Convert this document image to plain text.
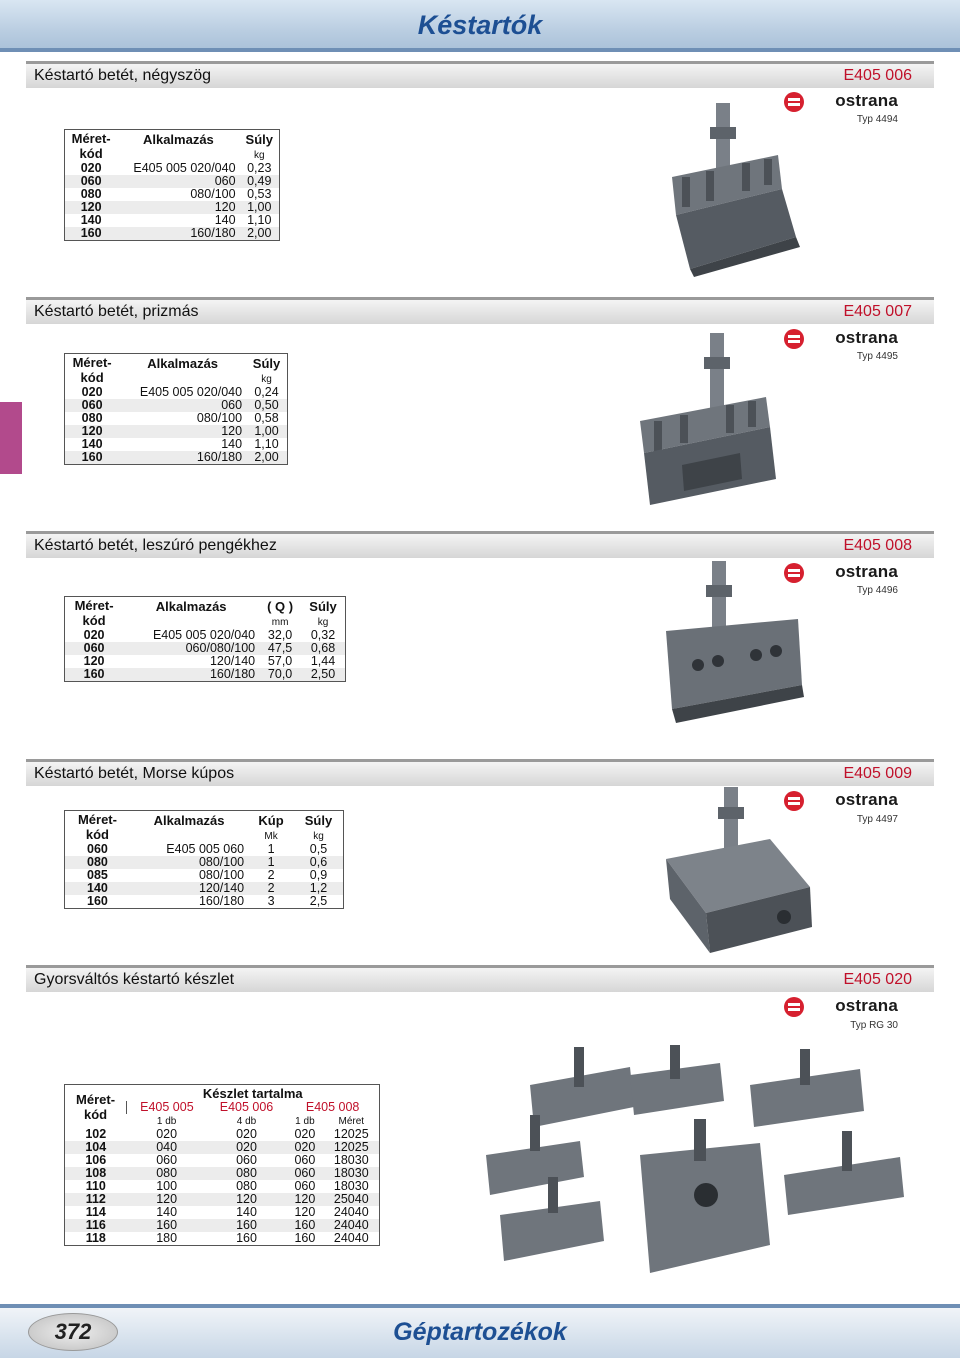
Késtartók
Késtartó betét, négyszög	E405 006
ostrana
Typ 4494
Méret-
kód	Alkalmazás	Súly
		kg
020	E405 005 020/040	0,23
060	060	0,49
080	080/100	0,53
120	120	1,00
140	140	1,10
160	160/180	2,00
Késtartó betét, prizmás	E405 007
ostrana
Typ 4495
Méret-
kód	Alkalmazás	Súly
		kg
020	E405 005 020/040	0,24
060	060	0,50
080	080/100	0,58
120	120	1,00
140	140	1,10
160	160/180	2,00
Késtartó betét, leszúró pengékhez	E405 008
ostrana
Typ 4496
Méret-
kód	Alkalmazás	( Q )	Súly
		mm	kg
020	E405 005 020/040	32,0	0,32
060	060/080/100	47,5	0,68
120	120/140	57,0	1,44
160	160/180	70,0	2,50
Késtartó betét, Morse kúpos	E405 009
ostrana
Typ 4497
Méret-
kód	Alkalmazás	Kúp	Súly
		Mk	kg
060	E405 005 060	1	0,5
080	080/100	1	0,6
085	080/100	2	0,9
140	120/140	2	1,2
160	160/180	3	2,5
Gyorsváltós késtartó készlet	E405 020
ostrana
Typ RG 30
Méret-
kód	Készlet tartalma			
	E405 005	E405 006	E405 008	
	1 db	4 db	1 db	Méret
102	020	020	020	12025
104	040	020	020	12025
106	060	060	060	18030
108	080	080	060	18030
110	100	080	060	18030
112	120	120	120	25040
114	140	140	120	24040
116	160	160	160	24040
118	180	160	160	24040
372	Géptartozékok
